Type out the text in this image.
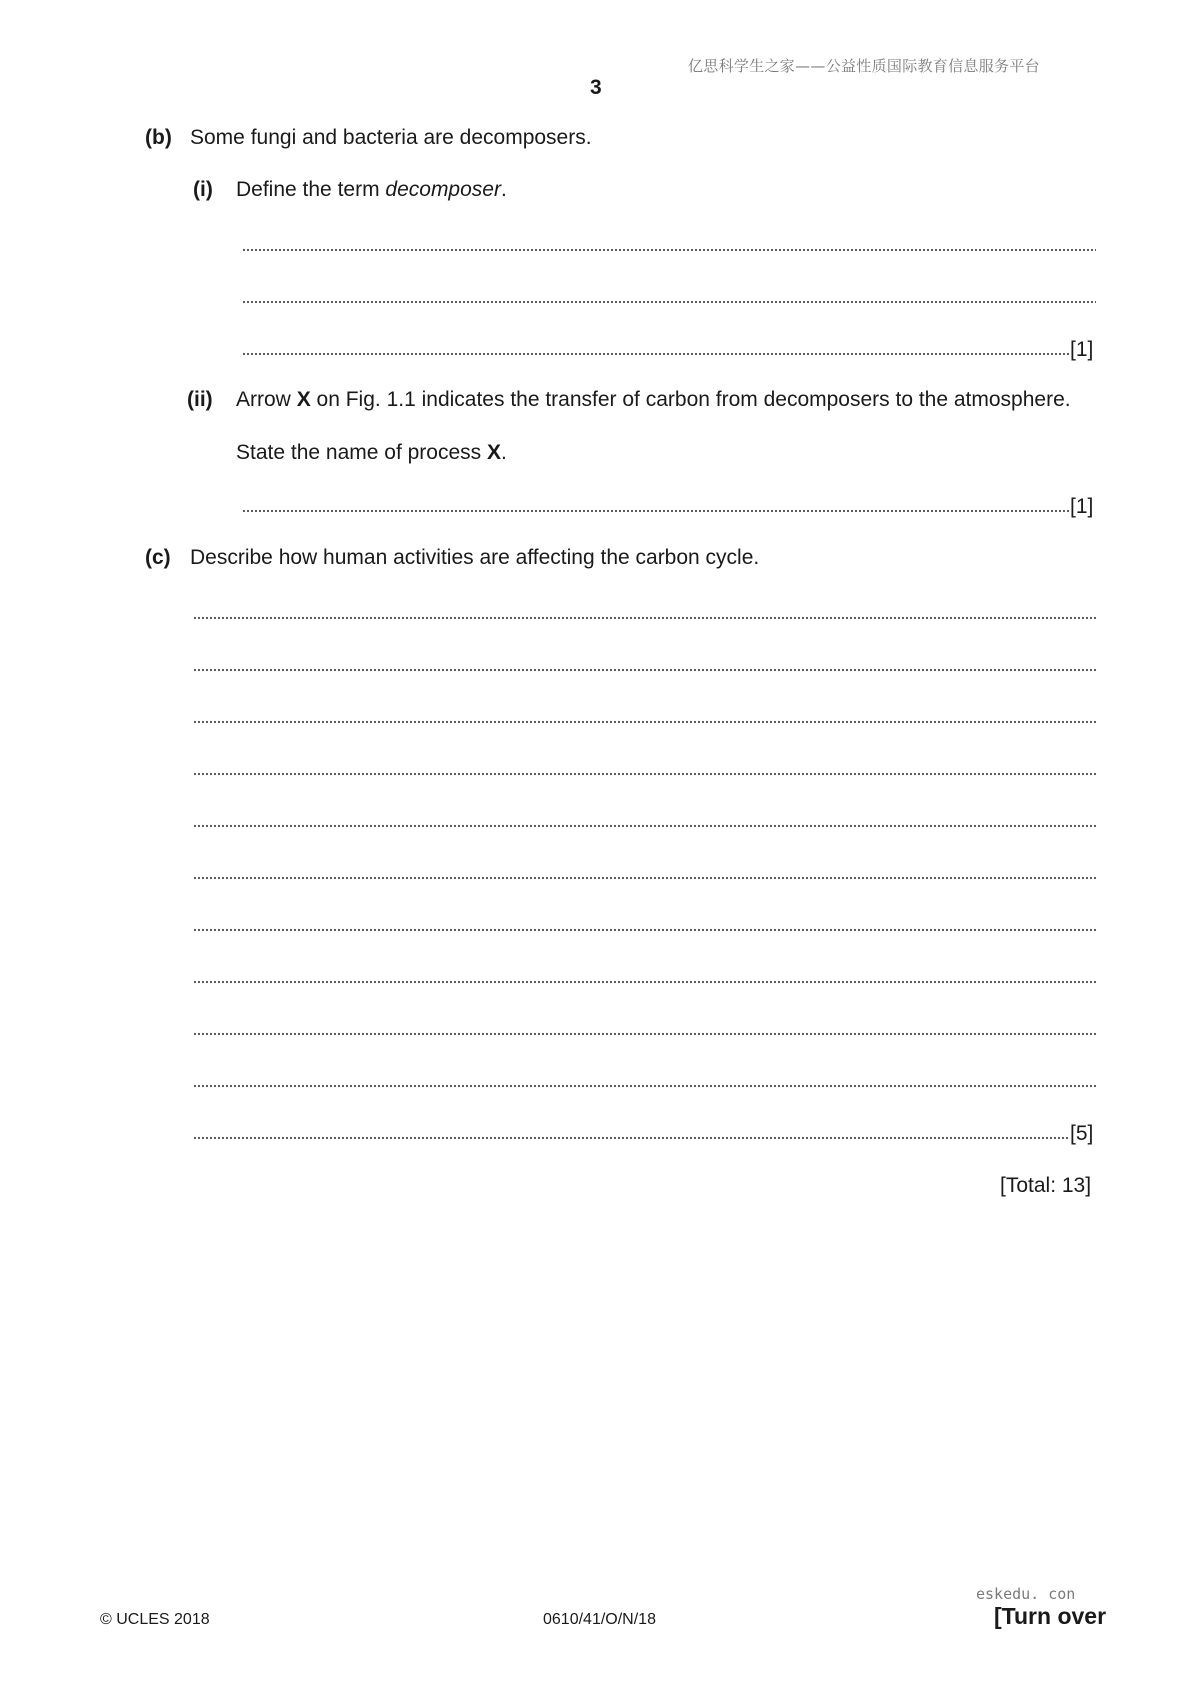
亿思科学生之家——公益性质国际教育信息服务平台
3
(b) Some fungi and bacteria are decomposers.
(i) Define the term decomposer.
[1]
(ii) Arrow X on Fig. 1.1 indicates the transfer of carbon from decomposers to the atmosphere.
State the name of process X.
[1]
(c) Describe how human activities are affecting the carbon cycle.
[5]
[Total: 13]
eskedu. con
© UCLES 2018	0610/41/O/N/18	[Turn over
